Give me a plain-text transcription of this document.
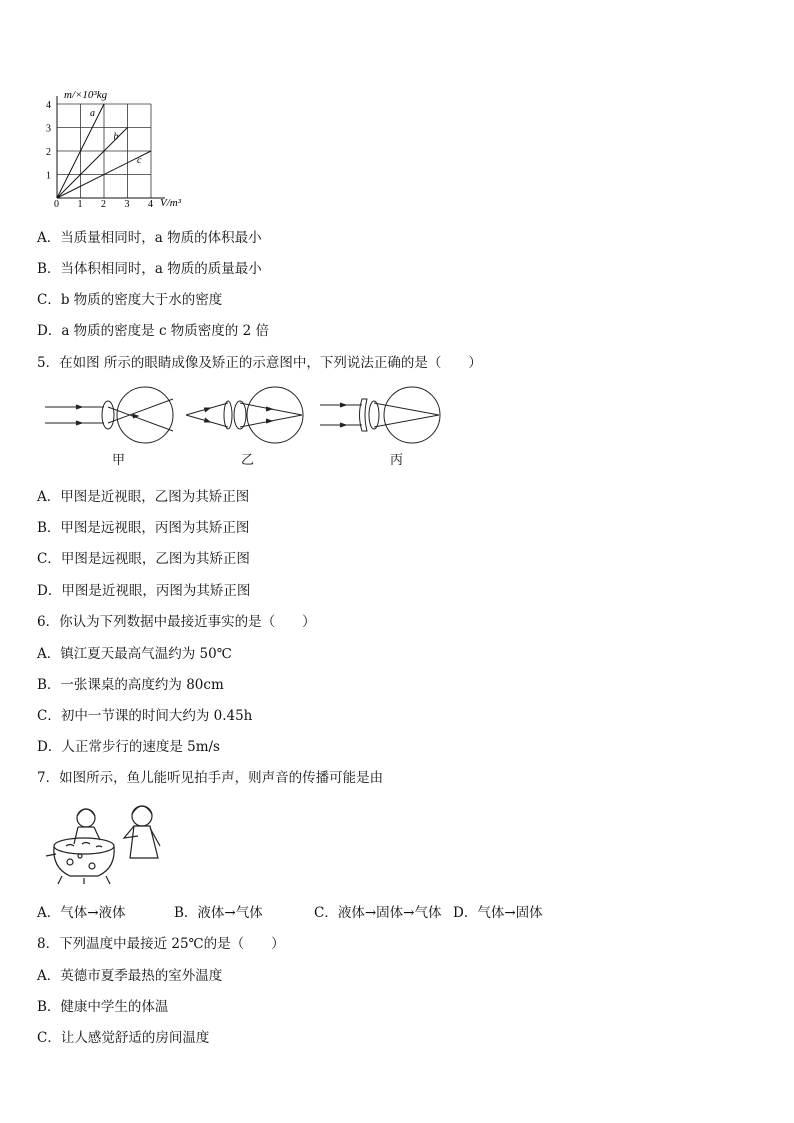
a
b
c
0 1 2 3 4
1
2
3
4
m/×10³kg
V/m³
A．当质量相同时，a 物质的体积最小
B．当体积相同时，a 物质的质量最小
C．b 物质的密度大于水的密度
D．a 物质的密度是 c 物质密度的 2 倍
5．在如图 所示的眼睛成像及矫正的示意图中，下列说法正确的是（　　）
甲	乙	丙
A．甲图是近视眼，乙图为其矫正图
B．甲图是远视眼，丙图为其矫正图
C．甲图是远视眼，乙图为其矫正图
D．甲图是近视眼，丙图为其矫正图
6．你认为下列数据中最接近事实的是（　　）
A．镇江夏天最高气温约为 50℃
B．一张课桌的高度约为 80cm
C．初中一节课的时间大约为 0.45h
D．人正常步行的速度是 5m/s
7．如图所示，鱼儿能听见拍手声，则声音的传播可能是由
A．气体→液体	B．液体→气体	C．液体→固体→气体 D．气体→固体
8．下列温度中最接近 25℃的是（　　）
A．英德市夏季最热的室外温度
B．健康中学生的体温
C．让人感觉舒适的房间温度
